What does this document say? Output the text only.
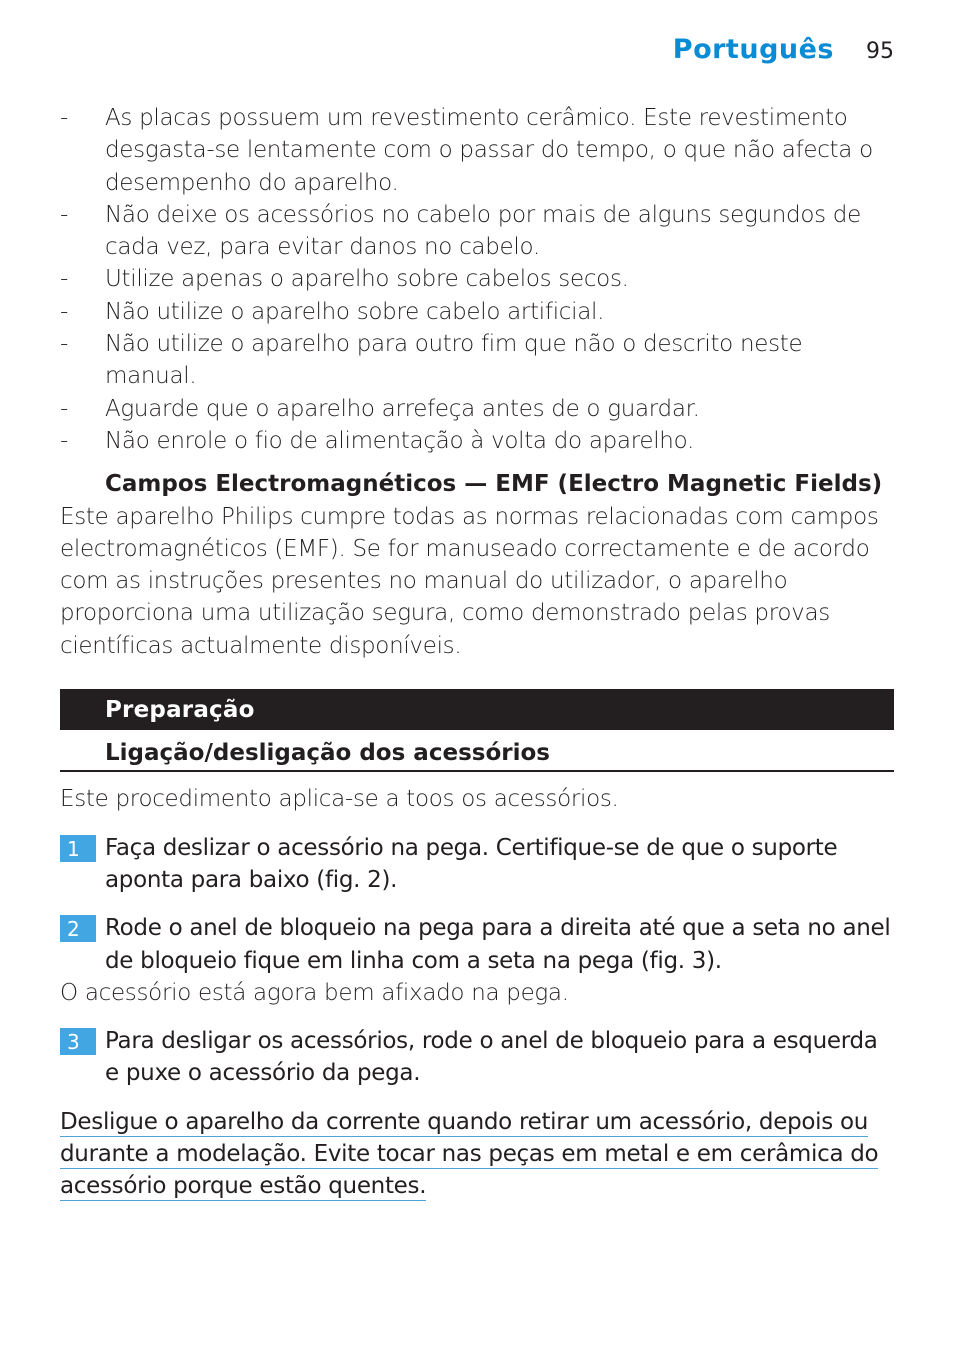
Português 95

- As placas possuem um revestimento cerâmico. Este revestimento desgasta-se lentamente com o passar do tempo, o que não afecta o desempenho do aparelho.

- Não deixe os acessórios no cabelo por mais de alguns segundos de cada vez, para evitar danos no cabelo.

- Utilize apenas o aparelho sobre cabelos secos.

- Não utilize o aparelho sobre cabelo artificial.

- Não utilize o aparelho para outro fim que não o descrito neste manual.

- Aguarde que o aparelho arrefeça antes de o guardar.

- Não enrole o fio de alimentação à volta do aparelho.

Campos Electromagnéticos — EMF (Electro Magnetic Fields)

Este aparelho Philips cumpre todas as normas relacionadas com campos electromagnéticos (EMF). Se for manuseado correctamente e de acordo com as instruções presentes no manual do utilizador, o aparelho proporciona uma utilização segura, como demonstrado pelas provas científicas actualmente disponíveis.

Preparação
Ligação/desligação dos acessórios

Este procedimento aplica-se a toos os acessórios.

1	Faça deslizar o acessório na pega. Certifique-se de que o suporte aponta para baixo (fig. 2).
2	Rode o anel de bloqueio na pega para a direita até que a seta no anel de bloqueio fique em linha com a seta na pega (fig. 3).

O acessório está agora bem afixado na pega.

3	Para desligar os acessórios, rode o anel de bloqueio para a esquerda e puxe o acessório da pega.

Desligue o aparelho da corrente quando retirar um acessório, depois ou durante a modelação. Evite tocar nas peças em metal e em cerâmica do acessório porque estão quentes.
